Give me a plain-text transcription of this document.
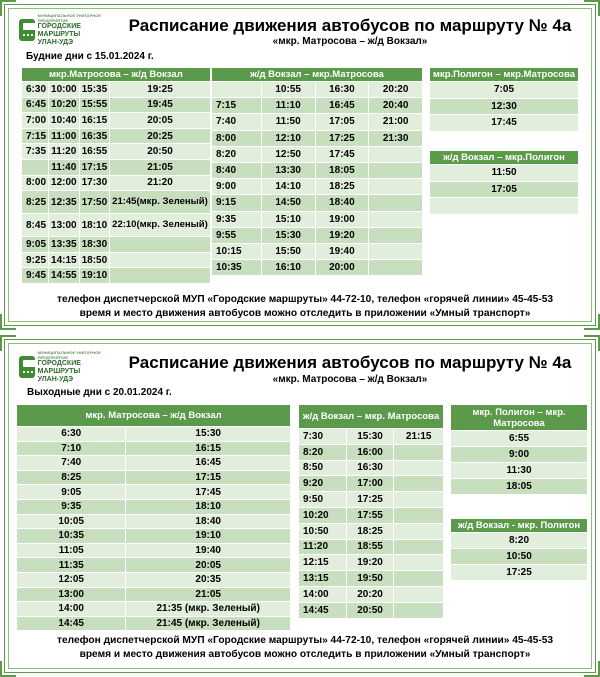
МУНИЦИПАЛЬНОЕ УНИТАРНОЕ ПРЕДПРИЯТИЕ
ГОРОДСКИЕ
МАРШРУТЫ
УЛАН-УДЭ
Расписание движения автобусов по маршруту № 4а
«мкр. Матросова – ж/д Вокзал»
Будние дни с 15.01.2024 г.
мкр.Матросова – ж/д Вокзал			
6:30	10:00	15:35	19:25
6:45	10:20	15:55	19:45
7:00	10:40	16:15	20:05
7:15	11:00	16:35	20:25
7:35	11:20	16:55	20:50
	11:40	17:15	21:05
8:00	12:00	17:30	21:20
8:25	12:35	17:50	21:45(мкр. Зеленый)
8:45	13:00	18:10	22:10(мкр. Зеленый)
9:05	13:35	18:30	
9:25	14:15	18:50	
9:45	14:55	19:10	
ж/д Вокзал – мкр.Матросова			
	10:55	16:30	20:20
7:15	11:10	16:45	20:40
7:40	11:50	17:05	21:00
8:00	12:10	17:25	21:30
8:20	12:50	17:45	
8:40	13:30	18:05	
9:00	14:10	18:25	
9:15	14:50	18:40	
9:35	15:10	19:00	
9:55	15:30	19:20	
10:15	15:50	19:40	
10:35	16:10	20:00	
мкр.Полигон – мкр.Матросова
7:05
12:30
17:45
ж/д Вокзал – мкр.Полигон
11:50
17:05

телефон диспетчерской МУП «Городские маршруты» 44-72-10, телефон «горячей линии» 45-45-53
время и место движения автобусов можно отследить в приложении «Умный транспорт»
МУНИЦИПАЛЬНОЕ УНИТАРНОЕ ПРЕДПРИЯТИЕ
ГОРОДСКИЕ
МАРШРУТЫ
УЛАН-УДЭ
Расписание движения автобусов по маршруту № 4а
«мкр. Матросова – ж/д Вокзал»
Выходные дни с 20.01.2024 г.
мкр. Матросова – ж/д Вокзал	
6:30	15:30
7:10	16:15
7:40	16:45
8:25	17:15
9:05	17:45
9:35	18:10
10:05	18:40
10:35	19:10
11:05	19:40
11:35	20:05
12:05	20:35
13:00	21:05
14:00	21:35 (мкр. Зеленый)
14:45	21:45 (мкр. Зеленый)
ж/д Вокзал – мкр. Матросова		
7:30	15:30	21:15
8:20	16:00	
8:50	16:30	
9:20	17:00	
9:50	17:25	
10:20	17:55	
10:50	18:25	
11:20	18:55	
12:15	19:20	
13:15	19:50	
14:00	20:20	
14:45	20:50	
мкр. Полигон – мкр. Матросова
6:55
9:00
11:30
18:05
ж/д Вокзал - мкр. Полигон
8:20
10:50
17:25
телефон диспетчерской МУП «Городские маршруты» 44-72-10, телефон «горячей линии» 45-45-53
время и место движения автобусов можно отследить в приложении «Умный транспорт»
